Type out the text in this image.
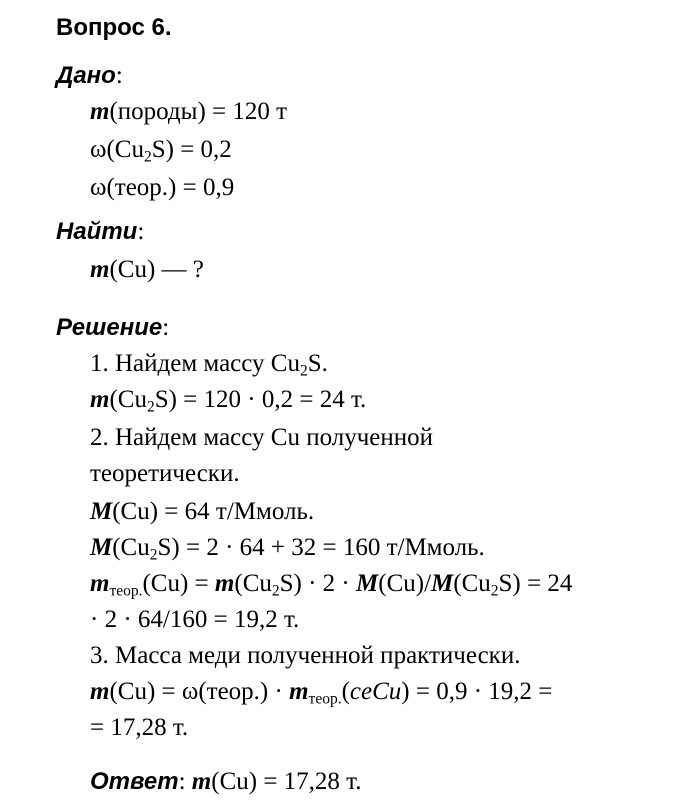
Вопрос 6.
Дано:
m(породы) = 120 т
$\omega(Cu_2S) = 0,2$
ω(теор.) = 0,9
Найти:
m(Cu) — ?
Решение:
1. Найдем массу $Cu_2S$.
$m(Cu_2S) = 120 \cdot 0,2 = 24$ т.
2. Найдем массу Cu полученной
теоретически.
M(Cu) = 64 т/Ммоль.
$M(Cu_2S) = 2 \cdot 64 + 32 = 160$ т/Ммоль.
$m_{теор.}(Cu) = m(Cu_2S) \cdot 2 \cdot M(Cu)/M(Cu_2S) = 24$
· 2 · 64/160 = 19,2 т.
3. Масса меди полученной практически.
m(Cu) = ω(теор.) · $m_{теор.}(ceCu) = 0,9 \cdot 19,2$ =
= 17,28 т.
Ответ: m(Cu) = 17,28 т.
